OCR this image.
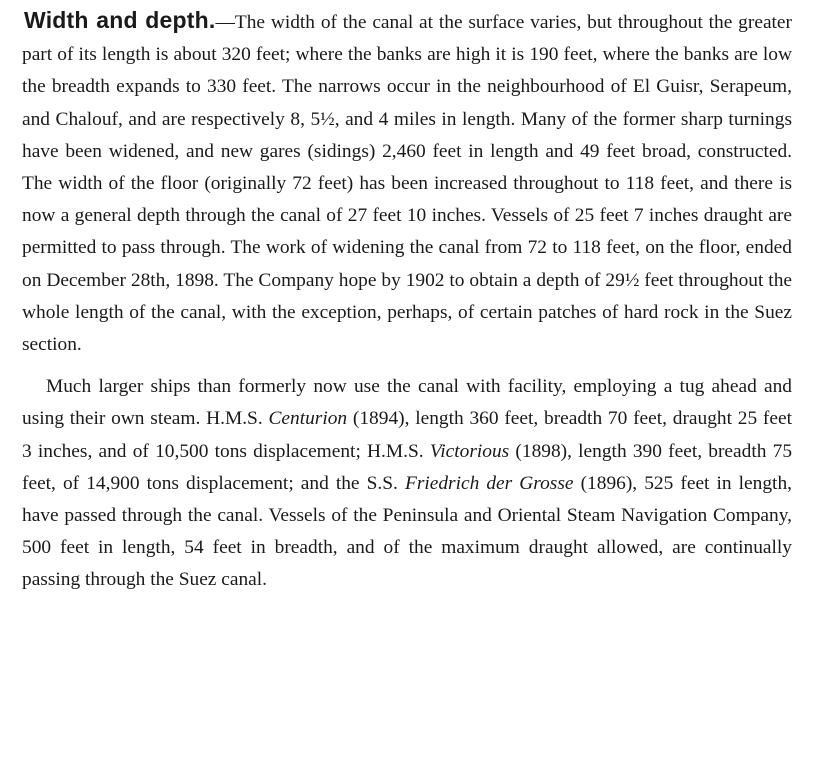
Width and depth.—The width of the canal at the surface varies, but throughout the greater part of its length is about 320 feet; where the banks are high it is 190 feet, where the banks are low the breadth expands to 330 feet. The narrows occur in the neighbourhood of El Guisr, Serapeum, and Chalouf, and are respectively 8, 5½, and 4 miles in length. Many of the former sharp turnings have been widened, and new gares (sidings) 2,460 feet in length and 49 feet broad, constructed. The width of the floor (originally 72 feet) has been increased throughout to 118 feet, and there is now a general depth through the canal of 27 feet 10 inches. Vessels of 25 feet 7 inches draught are permitted to pass through. The work of widening the canal from 72 to 118 feet, on the floor, ended on December 28th, 1898. The Company hope by 1902 to obtain a depth of 29½ feet throughout the whole length of the canal, with the exception, perhaps, of certain patches of hard rock in the Suez section.

Much larger ships than formerly now use the canal with facility, employing a tug ahead and using their own steam. H.M.S. Centurion (1894), length 360 feet, breadth 70 feet, draught 25 feet 3 inches, and of 10,500 tons displacement; H.M.S. Victorious (1898), length 390 feet, breadth 75 feet, of 14,900 tons displacement; and the S.S. Friedrich der Grosse (1896), 525 feet in length, have passed through the canal. Vessels of the Peninsula and Oriental Steam Navigation Company, 500 feet in length, 54 feet in breadth, and of the maximum draught allowed, are continually passing through the Suez canal.
